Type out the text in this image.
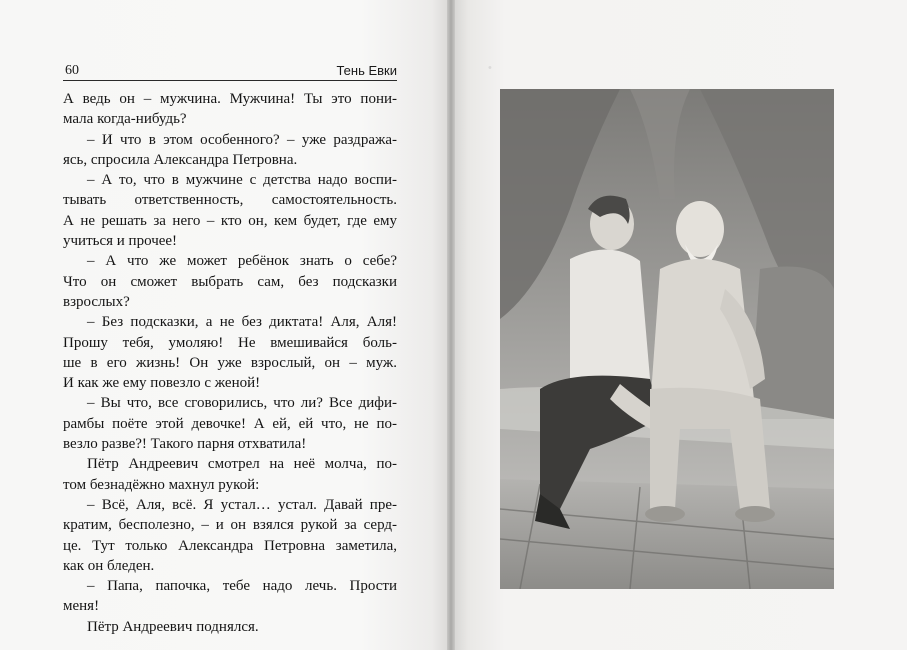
60	Тень Евки
А ведь он – мужчина. Мужчина! Ты это пони-
мала когда-нибудь?
– И что в этом особенного? – уже раздража-
ясь, спросила Александра Петровна.
– А то, что в мужчине с детства надо воспи-
тывать ответственность, самостоятельность.
А не решать за него – кто он, кем будет, где ему
учиться и прочее!
– А что же может ребёнок знать о себе?
Что он сможет выбрать сам, без подсказки
взрослых?
– Без подсказки, а не без диктата! Аля, Аля!
Прошу тебя, умоляю! Не вмешивайся боль-
ше в его жизнь! Он уже взрослый, он – муж.
И как же ему повезло с женой!
– Вы что, все сговорились, что ли? Все дифи-
рамбы поёте этой девочке! А ей, ей что, не по-
везло разве?! Такого парня отхватила!
Пётр Андреевич смотрел на неё молча, по-
том безнадёжно махнул рукой:
– Всё, Аля, всё. Я устал… устал. Давай пре-
кратим, бесполезно, – и он взялся рукой за серд-
це. Тут только Александра Петровна заметила,
как он бледен.
– Папа, папочка, тебе надо лечь. Прости
меня!
Пётр Андреевич поднялся.
•
